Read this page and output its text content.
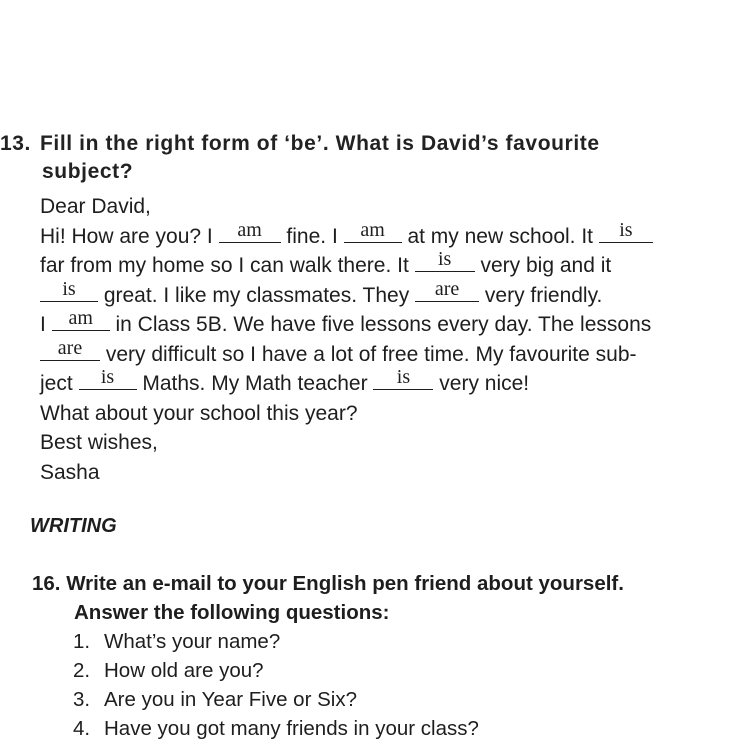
13. Fill in the right form of ‘be’. What is David’s favourite
subject?
Dear David,
Hi! How are you? I am fine. I am at my new school. It	is
far from my home so I can walk there. It	is	very big and it
is	great. I like my classmates. They are very friendly.
I am in Class 5B. We have five lessons every day. The lessons
are very difficult so I have a lot of free time. My favourite sub-
ject	is	Maths. My Math teacher	is	very nice!
What about your school this year?
Best wishes,
Sasha
WRITING
16. Write an e-mail to your English pen friend about yourself.
Answer the following questions:
1. What’s your name?
2. How old are you?
3. Are you in Year Five or Six?
4. Have you got many friends in your class?
